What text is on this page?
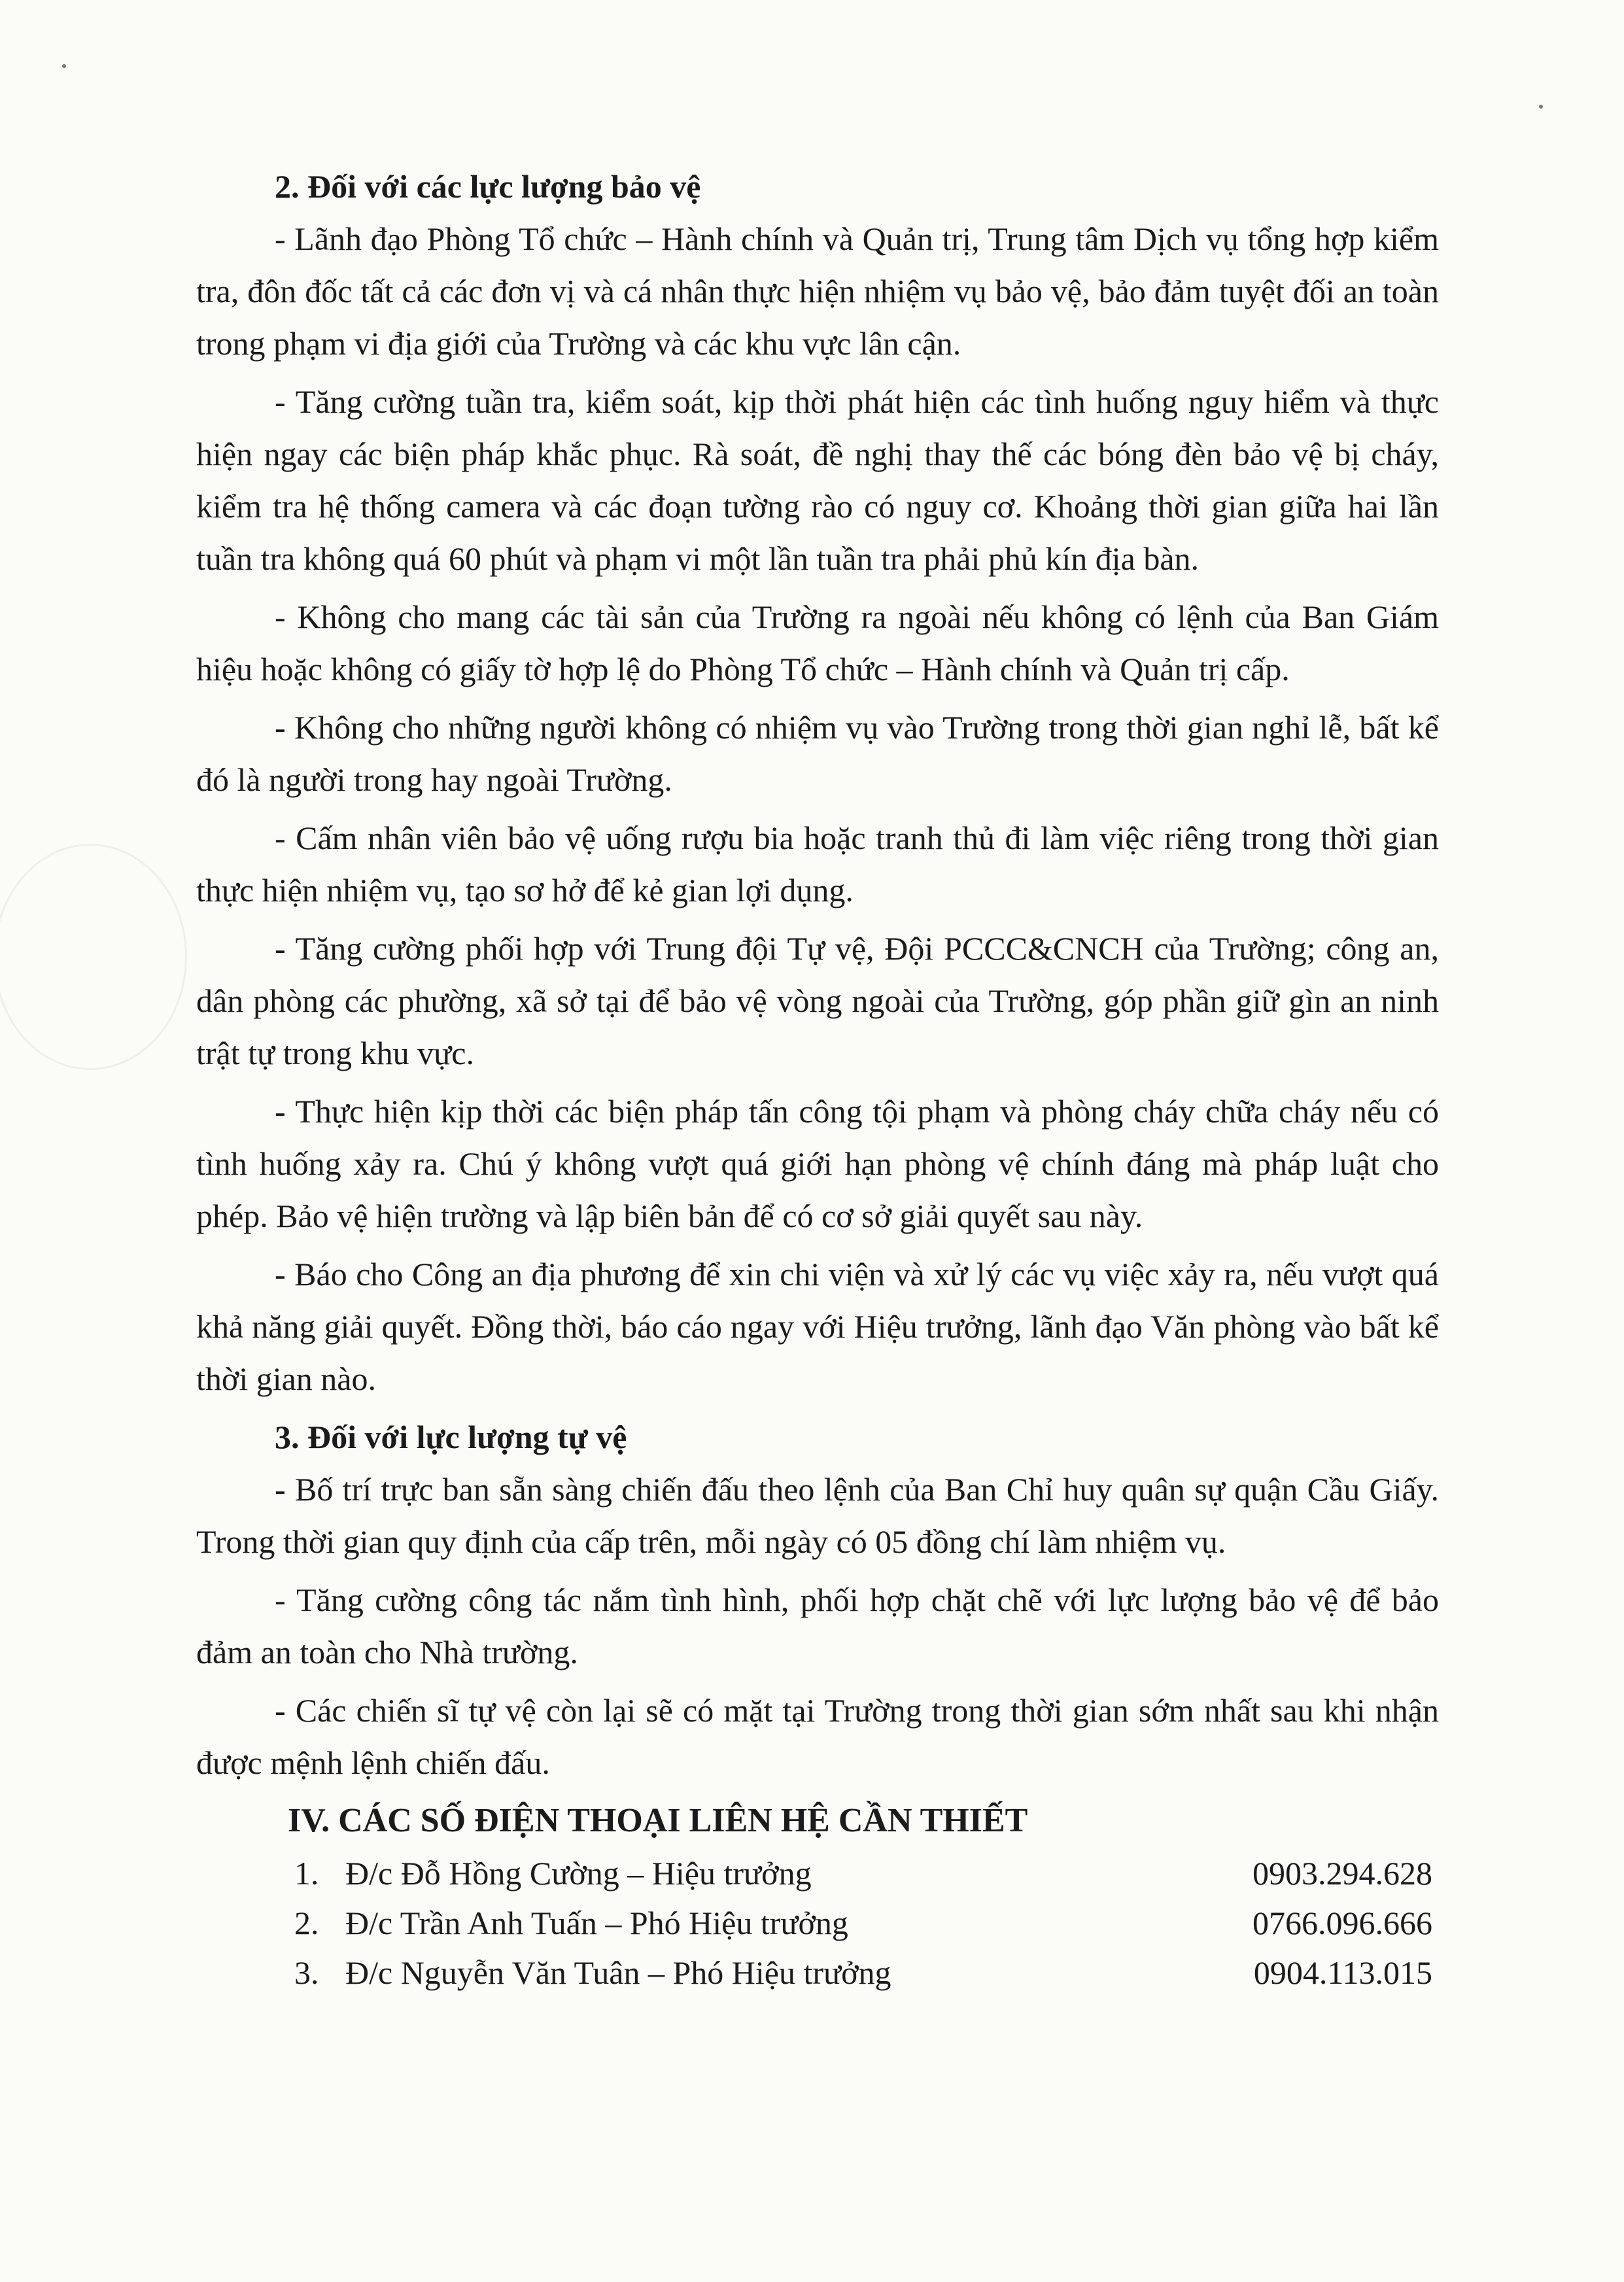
2. Đối với các lực lượng bảo vệ

- Lãnh đạo Phòng Tổ chức – Hành chính và Quản trị, Trung tâm Dịch vụ tổng hợp kiểm tra, đôn đốc tất cả các đơn vị và cá nhân thực hiện nhiệm vụ bảo vệ, bảo đảm tuyệt đối an toàn trong phạm vi địa giới của Trường và các khu vực lân cận.

- Tăng cường tuần tra, kiểm soát, kịp thời phát hiện các tình huống nguy hiểm và thực hiện ngay các biện pháp khắc phục. Rà soát, đề nghị thay thế các bóng đèn bảo vệ bị cháy, kiểm tra hệ thống camera và các đoạn tường rào có nguy cơ. Khoảng thời gian giữa hai lần tuần tra không quá 60 phút và phạm vi một lần tuần tra phải phủ kín địa bàn.

- Không cho mang các tài sản của Trường ra ngoài nếu không có lệnh của Ban Giám hiệu hoặc không có giấy tờ hợp lệ do Phòng Tổ chức – Hành chính và Quản trị cấp.

- Không cho những người không có nhiệm vụ vào Trường trong thời gian nghỉ lễ, bất kể đó là người trong hay ngoài Trường.

- Cấm nhân viên bảo vệ uống rượu bia hoặc tranh thủ đi làm việc riêng trong thời gian thực hiện nhiệm vụ, tạo sơ hở để kẻ gian lợi dụng.

- Tăng cường phối hợp với Trung đội Tự vệ, Đội PCCC&CNCH của Trường; công an, dân phòng các phường, xã sở tại để bảo vệ vòng ngoài của Trường, góp phần giữ gìn an ninh trật tự trong khu vực.

- Thực hiện kịp thời các biện pháp tấn công tội phạm và phòng cháy chữa cháy nếu có tình huống xảy ra. Chú ý không vượt quá giới hạn phòng vệ chính đáng mà pháp luật cho phép. Bảo vệ hiện trường và lập biên bản để có cơ sở giải quyết sau này.

- Báo cho Công an địa phương để xin chi viện và xử lý các vụ việc xảy ra, nếu vượt quá khả năng giải quyết. Đồng thời, báo cáo ngay với Hiệu trưởng, lãnh đạo Văn phòng vào bất kể thời gian nào.

3. Đối với lực lượng tự vệ

- Bố trí trực ban sẵn sàng chiến đấu theo lệnh của Ban Chỉ huy quân sự quận Cầu Giấy. Trong thời gian quy định của cấp trên, mỗi ngày có 05 đồng chí làm nhiệm vụ.

- Tăng cường công tác nắm tình hình, phối hợp chặt chẽ với lực lượng bảo vệ để bảo đảm an toàn cho Nhà trường.

- Các chiến sĩ tự vệ còn lại sẽ có mặt tại Trường trong thời gian sớm nhất sau khi nhận được mệnh lệnh chiến đấu.

IV. CÁC SỐ ĐIỆN THOẠI LIÊN HỆ CẦN THIẾT

1. Đ/c Đỗ Hồng Cường – Hiệu trưởng	0903.294.628
2. Đ/c Trần Anh Tuấn – Phó Hiệu trưởng	0766.096.666
3. Đ/c Nguyễn Văn Tuân – Phó Hiệu trưởng	0904.113.015
